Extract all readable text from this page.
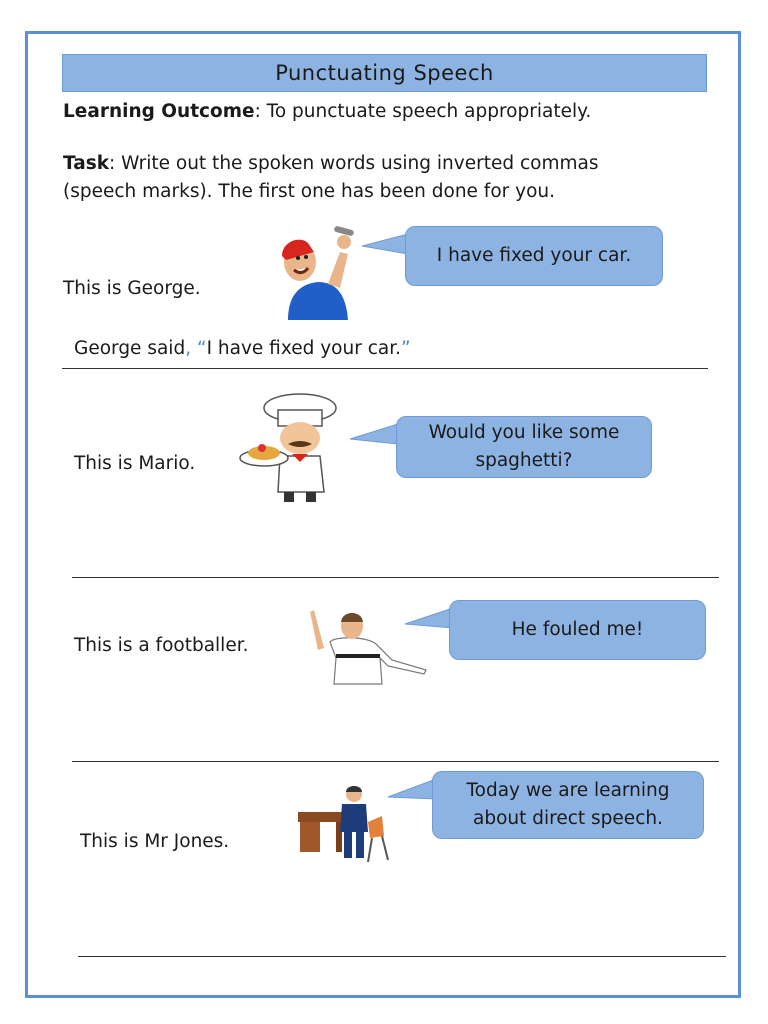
Punctuating Speech
Learning Outcome: To punctuate speech appropriately.
Task: Write out the spoken words using inverted commas
(speech marks). The first one has been done for you.
This is George.
I have fixed your car.
George said, “I have fixed your car.”
This is Mario.
Would you like some
spaghetti?
This is a footballer.
He fouled me!
This is Mr Jones.
Today we are learning
about direct speech.
